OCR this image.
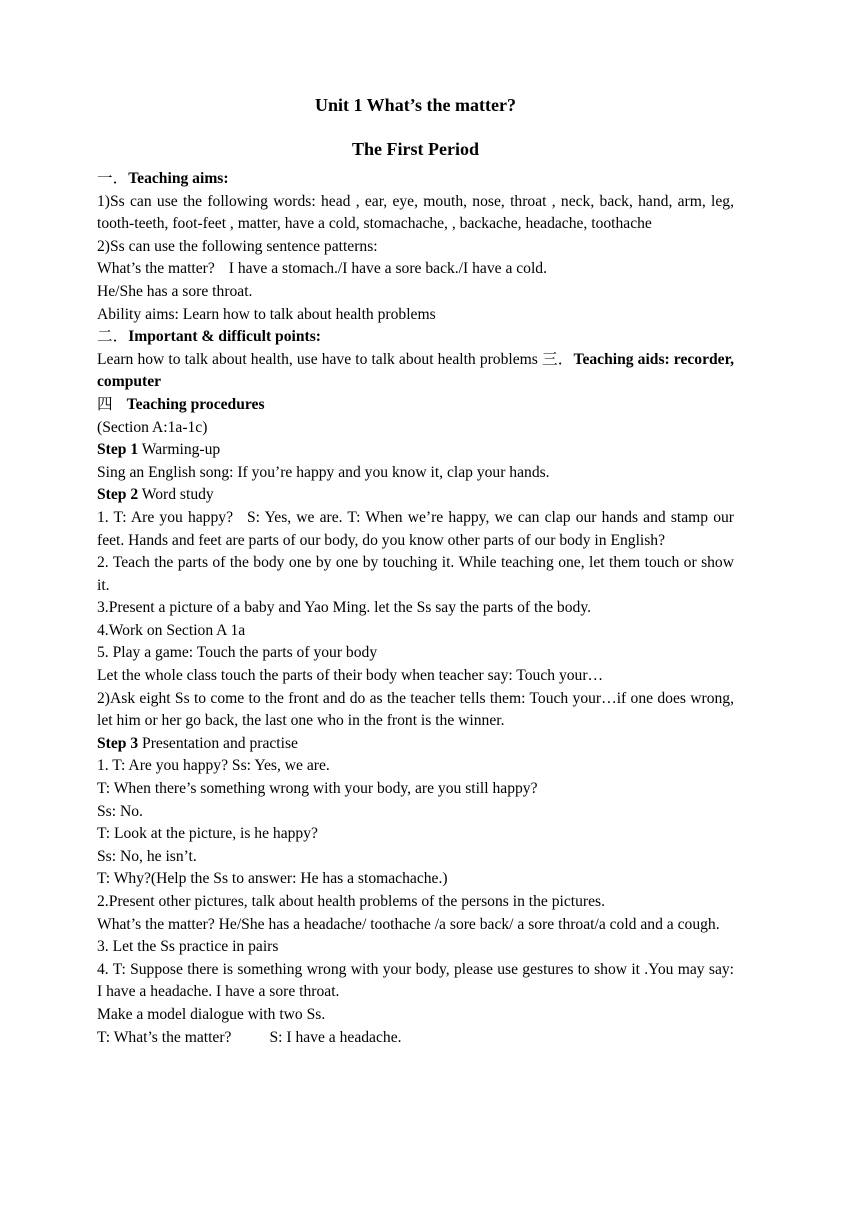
Unit 1 What’s the matter?

The First Period

一．Teaching aims:

1)Ss can use the following words: head , ear, eye, mouth, nose, throat , neck, back, hand, arm, leg, tooth-teeth, foot-feet , matter, have a cold, stomachache, , backache, headache, toothache

2)Ss can use the following sentence patterns:

What’s the matter? I have a stomach./I have a sore back./I have a cold.

He/She has a sore throat.

Ability aims: Learn how to talk about health problems

二．Important & difficult points:

Learn how to talk about health, use have to talk about health problems 三．Teaching aids: recorder, computer

四 Teaching procedures

(Section A:1a-1c)

Step 1 Warming-up

Sing an English song: If you’re happy and you know it, clap your hands.

Step 2 Word study

1. T: Are you happy? S: Yes, we are. T: When we’re happy, we can clap our hands and stamp our feet. Hands and feet are parts of our body, do you know other parts of our body in English?

2. Teach the parts of the body one by one by touching it. While teaching one, let them touch or show it.

3.Present a picture of a baby and Yao Ming. let the Ss say the parts of the body.

4.Work on Section A 1a

5. Play a game: Touch the parts of your body

Let the whole class touch the parts of their body when teacher say: Touch your…

2)Ask eight Ss to come to the front and do as the teacher tells them: Touch your…if one does wrong, let him or her go back, the last one who in the front is the winner.

Step 3 Presentation and practise

1. T: Are you happy? Ss: Yes, we are.

T: When there’s something wrong with your body, are you still happy?

Ss: No.

T: Look at the picture, is he happy?

Ss: No, he isn’t.

T: Why?(Help the Ss to answer: He has a stomachache.)

2.Present other pictures, talk about health problems of the persons in the pictures.

What’s the matter? He/She has a headache/ toothache /a sore back/ a sore throat/a cold and a cough.

3. Let the Ss practice in pairs

4. T: Suppose there is something wrong with your body, please use gestures to show it .You may say: I have a headache. I have a sore throat.

Make a model dialogue with two Ss.

T: What’s the matter? S: I have a headache.
